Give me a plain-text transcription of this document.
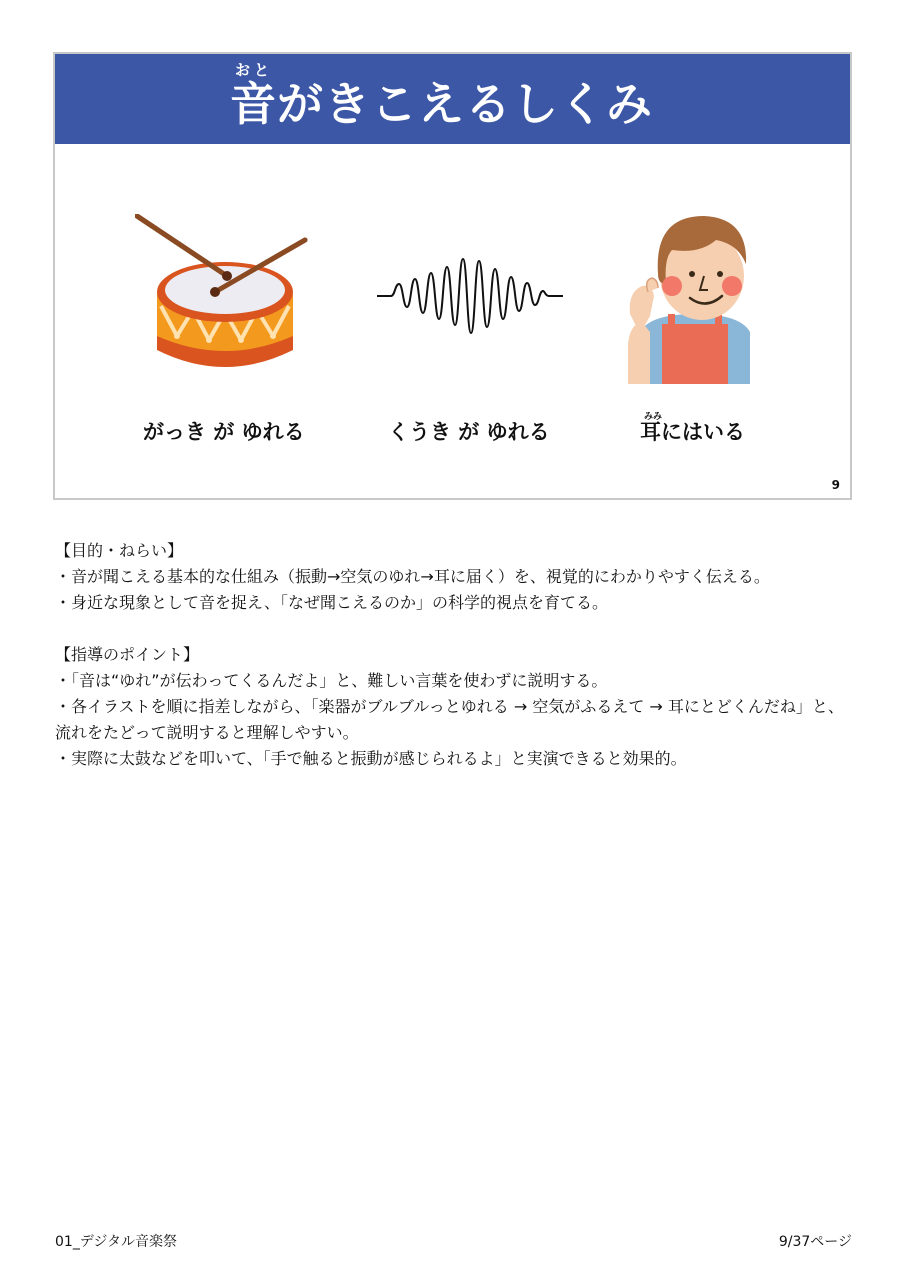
おと
音がきこえるしくみ
がっき が ゆれる	くうき が ゆれる
みみ
耳にはいる
9

【目的・ねらい】

・音が聞こえる基本的な仕組み（振動→空気のゆれ→耳に届く）を、視覚的にわかりやすく伝える。

・身近な現象として音を捉え、「なぜ聞こえるのか」の科学的視点を育てる。

【指導のポイント】

・「音は“ゆれ”が伝わってくるんだよ」と、難しい言葉を使わずに説明する。

・各イラストを順に指差しながら、「楽器がブルブルっとゆれる → 空気がふるえて → 耳にとどくんだね」と、流れをたどって説明すると理解しやすい。

・実際に太鼓などを叩いて、「手で触ると振動が感じられるよ」と実演できると効果的。

01_デジタル音楽祭	9/37ページ
